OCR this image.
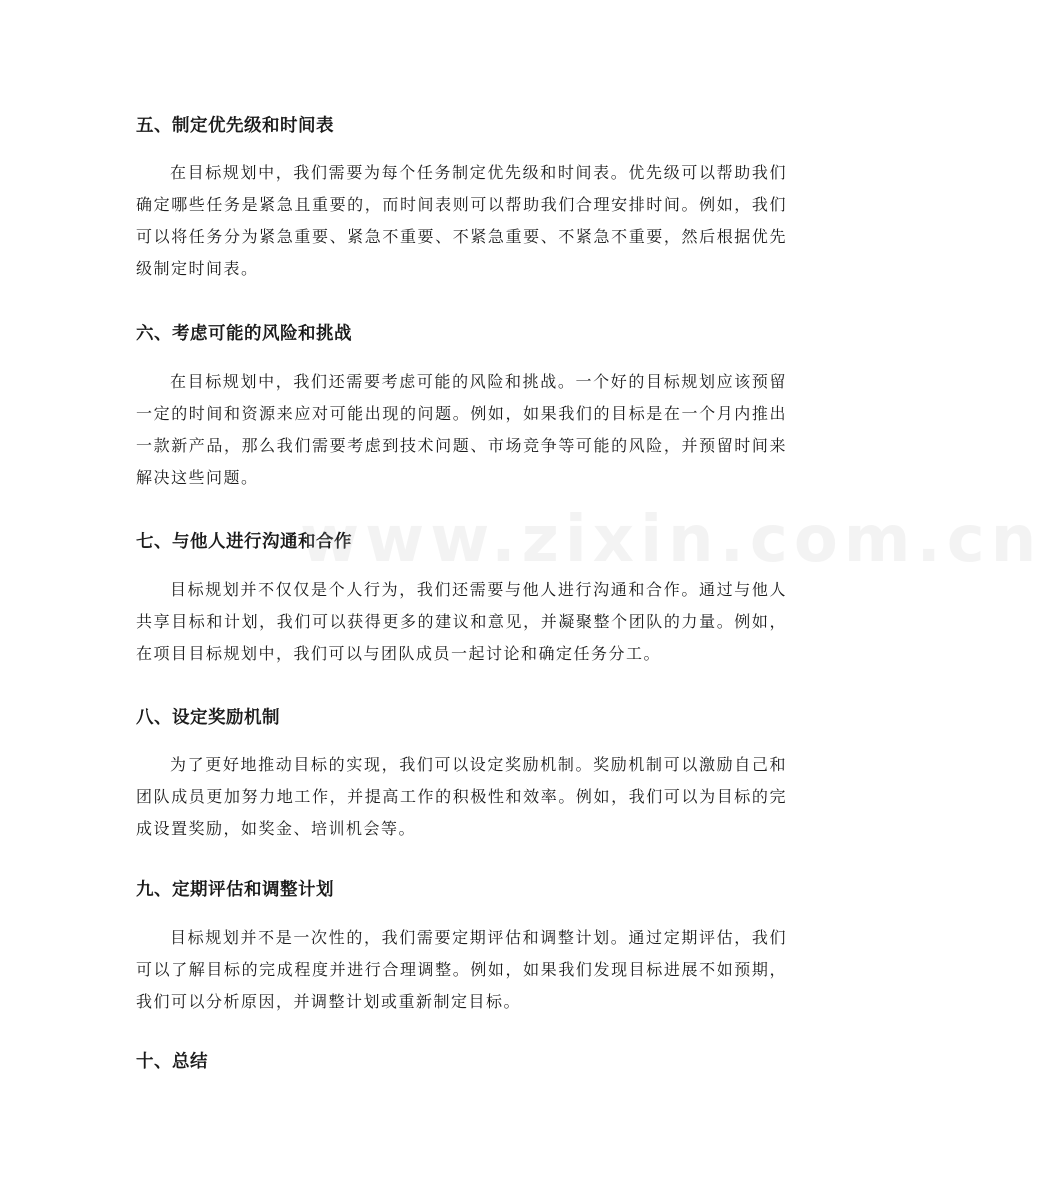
五、制定优先级和时间表
在目标规划中，我们需要为每个任务制定优先级和时间表。优先级可以帮助我们确定哪些任务是紧急且重要的，而时间表则可以帮助我们合理安排时间。例如，我们可以将任务分为紧急重要、紧急不重要、不紧急重要、不紧急不重要，然后根据优先级制定时间表。
六、考虑可能的风险和挑战
在目标规划中，我们还需要考虑可能的风险和挑战。一个好的目标规划应该预留一定的时间和资源来应对可能出现的问题。例如，如果我们的目标是在一个月内推出一款新产品，那么我们需要考虑到技术问题、市场竞争等可能的风险，并预留时间来解决这些问题。
七、与他人进行沟通和合作
目标规划并不仅仅是个人行为，我们还需要与他人进行沟通和合作。通过与他人共享目标和计划，我们可以获得更多的建议和意见，并凝聚整个团队的力量。例如，在项目目标规划中，我们可以与团队成员一起讨论和确定任务分工。
八、设定奖励机制
为了更好地推动目标的实现，我们可以设定奖励机制。奖励机制可以激励自己和团队成员更加努力地工作，并提高工作的积极性和效率。例如，我们可以为目标的完成设置奖励，如奖金、培训机会等。
九、定期评估和调整计划
目标规划并不是一次性的，我们需要定期评估和调整计划。通过定期评估，我们可以了解目标的完成程度并进行合理调整。例如，如果我们发现目标进展不如预期，我们可以分析原因，并调整计划或重新制定目标。
十、总结
www.zixin.com.cn
